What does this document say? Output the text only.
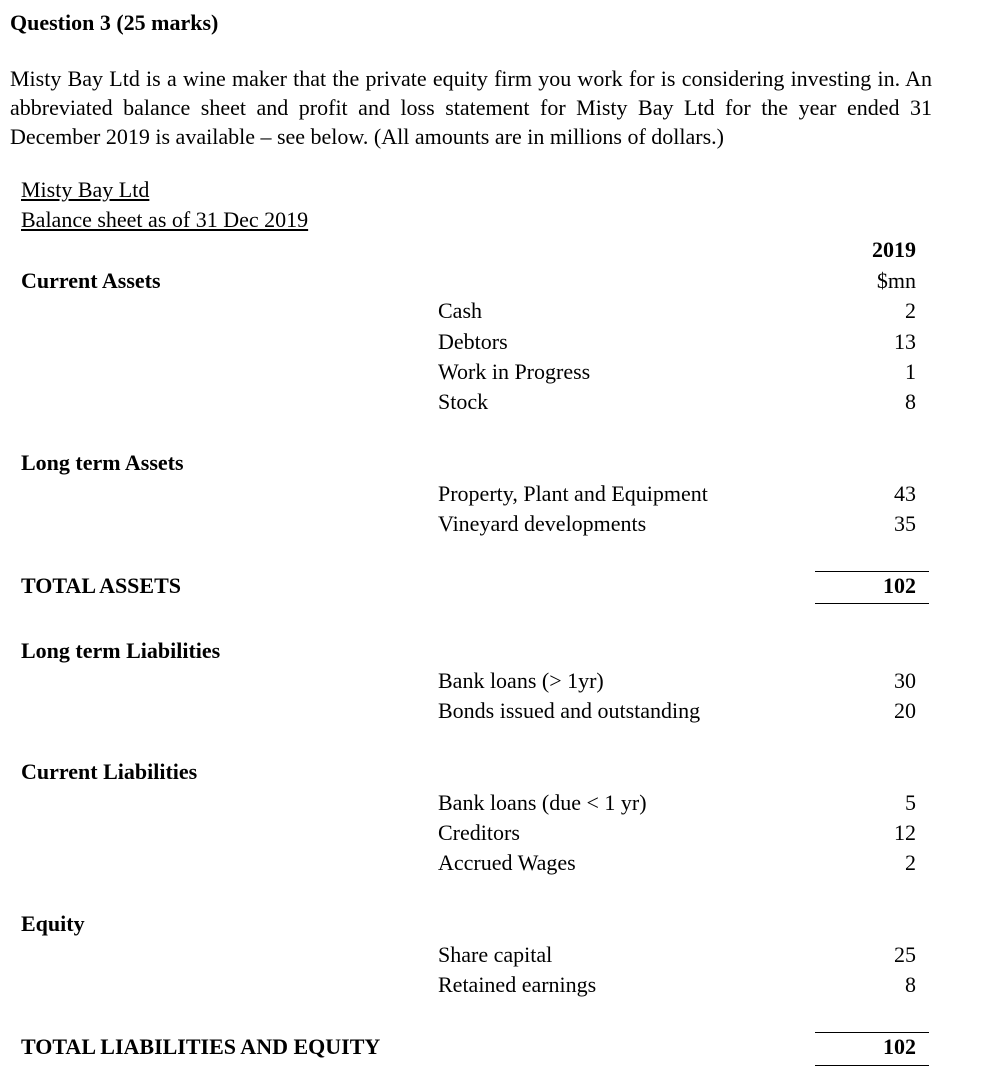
Question 3 (25 marks)
Misty Bay Ltd is a wine maker that the private equity firm you work for is considering investing in. An abbreviated balance sheet and profit and loss statement for Misty Bay Ltd for the year ended 31 December 2019 is available – see below. (All amounts are in millions of dollars.)
Misty Bay Ltd
Balance sheet as of 31 Dec 2019
2019
$mn
Current Assets
Cash	2
Debtors	13
Work in Progress	1
Stock	8
Long term Assets
Property, Plant and Equipment	43
Vineyard developments	35
TOTAL ASSETS	102
Long term Liabilities
Bank loans (> 1yr)	30
Bonds issued and outstanding	20
Current Liabilities
Bank loans (due < 1 yr)	5
Creditors	12
Accrued Wages	2
Equity
Share capital	25
Retained earnings	8
TOTAL LIABILITIES AND EQUITY	102
